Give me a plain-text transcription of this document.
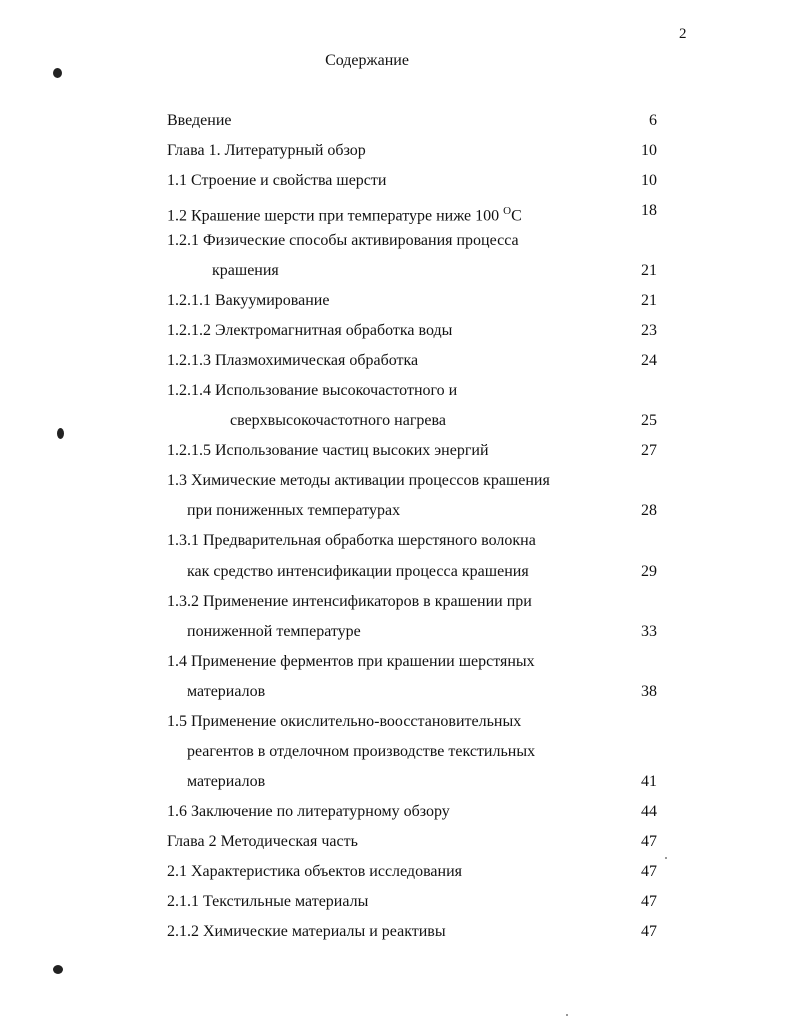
2
Содержание
Введение	6
Глава 1. Литературный обзор	10
1.1 Строение и свойства шерсти	10
1.2 Крашение шерсти при температуре ниже 100 $^O$C	18
1.2.1 Физические способы активирования процесса
крашения	21
1.2.1.1 Вакуумирование	21
1.2.1.2 Электромагнитная обработка воды	23
1.2.1.3 Плазмохимическая обработка	24
1.2.1.4 Использование высокочастотного и
сверхвысокочастотного нагрева	25
1.2.1.5 Использование частиц высоких энергий	27
1.3 Химические методы активации процессов крашения
при пониженных температурах	28
1.3.1 Предварительная обработка шерстяного волокна
как средство интенсификации процесса крашения	29
1.3.2 Применение интенсификаторов в крашении при
пониженной температуре	33
1.4 Применение ферментов при крашении шерстяных
материалов	38
1.5 Применение окислительно-воосстановительных
реагентов в отделочном производстве текстильных
материалов	41
1.6 Заключение по литературному обзору	44
Глава 2 Методическая часть	47
2.1 Характеристика объектов исследования	47
2.1.1 Текстильные материалы	47
2.1.2 Химические материалы и реактивы	47
